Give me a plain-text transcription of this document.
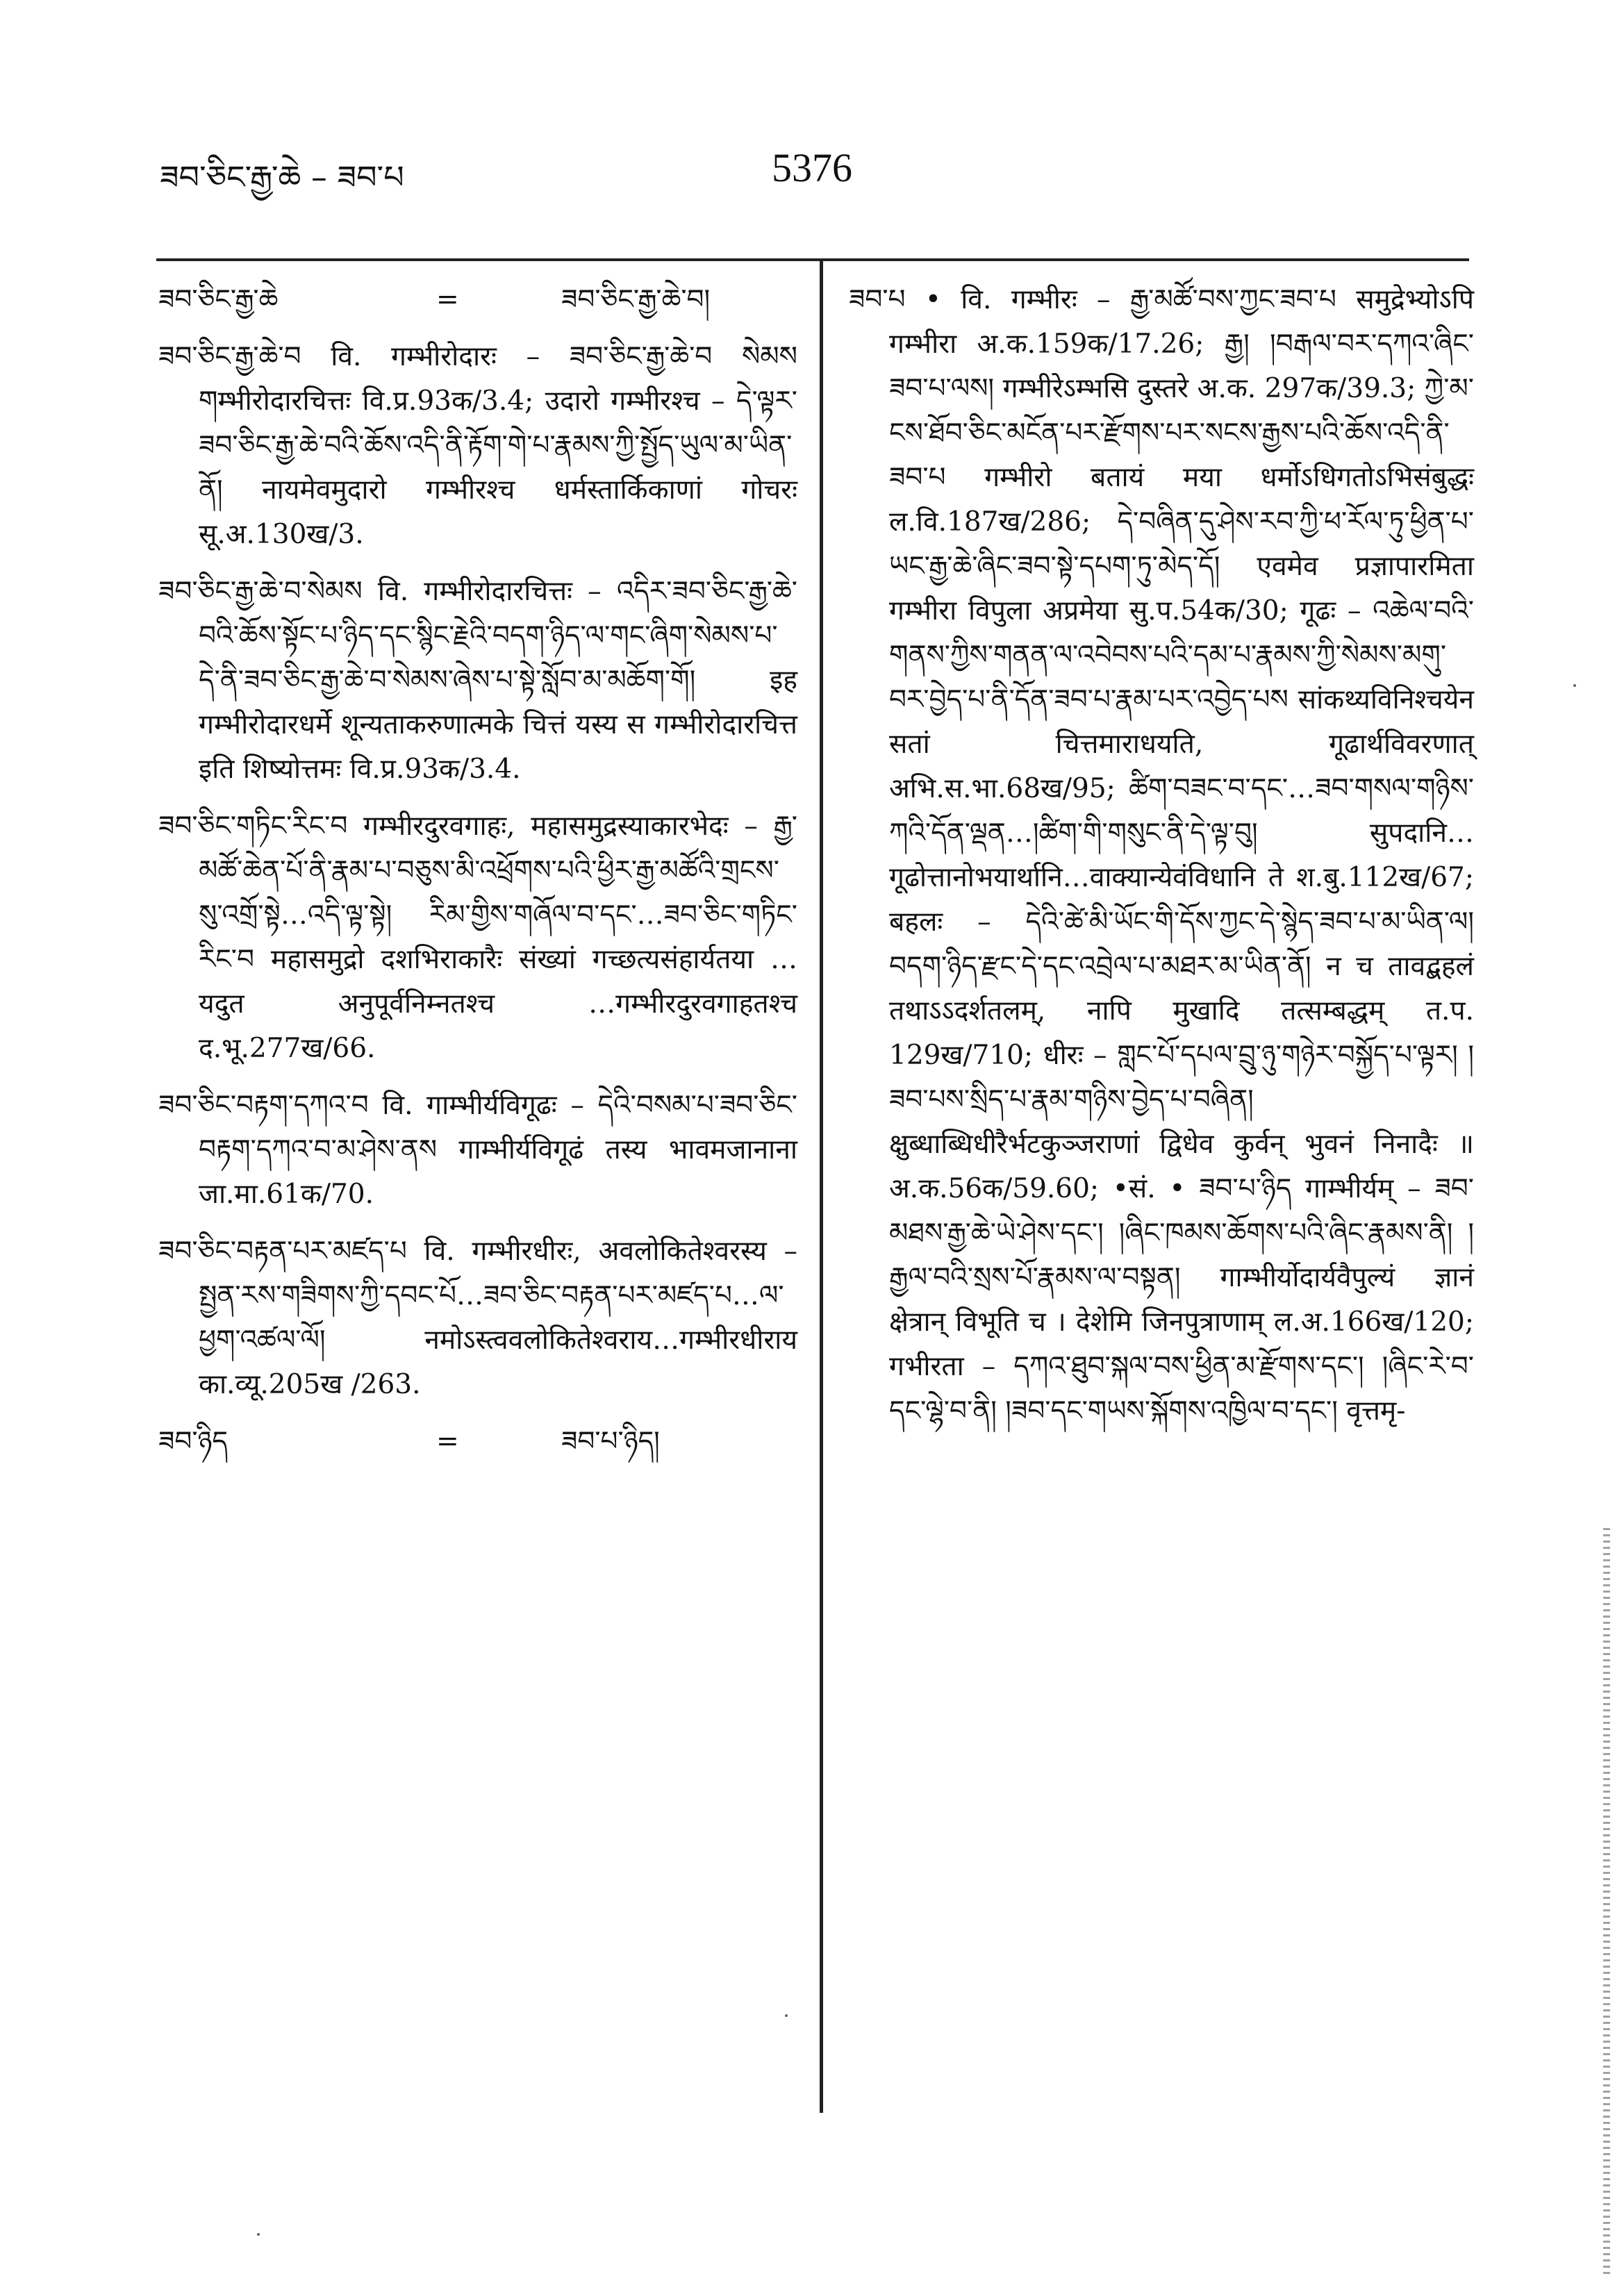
ཟབ་ཅིང་རྒྱ་ཆེ – ཟབ་པ	5376
ཟབ་ཅིང་རྒྱ་ཆེ	=	ཟབ་ཅིང་རྒྱ་ཆེ་བ།

ཟབ་ཅིང་རྒྱ་ཆེ་བ वि. गम्भीरोदारः – ཟབ་ཅིང་རྒྱ་ཆེ་བ སེམས གम्भीरोदारचित्तः वि.प्र.93क/3.4; उदारो गम्भीरश्च – དེ་ལྟར་ཟབ་ཅིང་རྒྱ་ཆེ་བའི་ཆོས་འདི་ནི་རྟོག་གེ་པ་རྣམས་ཀྱི་སྤྱོད་ཡུལ་མ་ཡིན་ནོ། नायमेवमुदारो गम्भीरश्च धर्मस्तार्किकाणां गोचरः सू.अ.130ख/3.

ཟབ་ཅིང་རྒྱ་ཆེ་བ་སེམས वि. गम्भीरोदारचित्तः – འདིར་ཟབ་ཅིང་རྒྱ་ཆེ་བའི་ཆོས་སྟོང་པ་ཉིད་དང་སྙིང་རྗེའི་བདག་ཉིད་ལ་གང་ཞིག་སེམས་པ་དེ་ནི་ཟབ་ཅིང་རྒྱ་ཆེ་བ་སེམས་ཞེས་པ་སྟེ་སློབ་མ་མཆོག་གོ། इह गम्भीरोदारधर्मे शून्यताकरुणात्मके चित्तं यस्य स गम्भीरोदारचित्त इति शिष्योत्तमः वि.प्र.93क/3.4.

ཟབ་ཅིང་གཏིང་རིང་བ गम्भीरदुरवगाहः, महासमुद्रस्याकारभेदः – རྒྱ་མཚོ་ཆེན་པོ་ནི་རྣམ་པ་བཅུས་མི་འཕྲོགས་པའི་ཕྱིར་རྒྱ་མཚོའི་གྲངས་སུ་འགྲོ་སྟེ…འདི་ལྟ་སྟེ། རིམ་གྱིས་གཞོལ་བ་དང་…ཟབ་ཅིང་གཏིང་རིང་བ महासमुद्रो दशभिराकारैः संख्यां गच्छत्यसंहार्यतया …यदुत अनुपूर्वनिम्नतश्च …गम्भीरदुरवगाहतश्च द.भू.277ख/66.

ཟབ་ཅིང་བརྟག་དཀའ་བ वि. गाम्भीर्यविगूढः – དེའི་བསམ་པ་ཟབ་ཅིང་བརྟག་དཀའ་བ་མ་ཤེས་ནས गाम्भीर्यविगूढं तस्य भावमजानाना जा.मा.61क/70.

ཟབ་ཅིང་བརྟན་པར་མཛད་པ वि. गम्भीरधीरः, अवलोकितेश्वरस्य – སྤྱན་རས་གཟིགས་ཀྱི་དབང་པོ…ཟབ་ཅིང་བརྟན་པར་མཛད་པ…ལ་ཕྱག་འཚལ་ལོ། नमोऽस्त्ववलोकितेश्वराय…गम्भीरधीराय का.व्यू.205ख /263.

ཟབ་ཉིད	=	ཟབ་པ་ཉིད།

ཟབ་པ • वि. गम्भीरः – རྒྱ་མཚོ་བས་ཀྱང་ཟབ་པ समुद्रेभ्योऽपि गम्भीरा अ.क.159क/17.26; རྒྱ། །བརྒལ་བར་དཀའ་ཞིང་ཟབ་པ་ལས། गम्भीरेऽम्भसि दुस्तरे अ.क. 297क/39.3; ཀྱེ་མ་ངས་ཐོབ་ཅིང་མངོན་པར་རྫོགས་པར་སངས་རྒྱས་པའི་ཆོས་འདི་ནི་ཟབ་པ गम्भीरो बतायं मया धर्मोऽधिगतोऽभिसंबुद्धः ल.वि.187ख/286; དེ་བཞིན་དུ་ཤེས་རབ་ཀྱི་ཕ་རོལ་ཏུ་ཕྱིན་པ་ཡང་རྒྱ་ཆེ་ཞིང་ཟབ་སྟེ་དཔག་ཏུ་མེད་དོ། एवमेव प्रज्ञापारमिता गम्भीरा विपुला अप्रमेया सु.प.54क/30; गूढः – འཆེལ་བའི་གནས་ཀྱིས་གནན་ལ་འབེབས་པའི་དམ་པ་རྣམས་ཀྱི་སེམས་མགུ་བར་བྱེད་པ་ནི་དོན་ཟབ་པ་རྣམ་པར་འབྱེད་པས सांकथ्यविनिश्चयेन सतां चित्तमाराधयति, गूढार्थविवरणात् अभि.स.भा.68ख/95; ཚིག་བཟང་བ་དང་…ཟབ་གསལ་གཉིས་ཀའི་དོན་ལྡན…།ཚིག་གི་གསུང་ནི་དེ་ལྟ་བུ། सुपदानि…गूढोत्तानोभयार्थानि…वाक्यान्येवंविधानि ते श.बु.112ख/67; बहलः – དེའི་ཚེ་མི་ཡོང་གི་དོས་ཀྱང་དེ་སྙེད་ཟབ་པ་མ་ཡིན་ལ། བདག་ཉིད་རྫང་དེ་དང་འབྲེལ་པ་མཐར་མ་ཡིན་ནོ། न च तावद्बहलं तथाऽऽदर्शतलम्, नापि मुखादि तत्सम्बद्धम् त.प. 129ख/710; धीरः – གླང་པོ་དཔལ་བྲུ་ཉུ་གཉེར་བསྐྱོད་པ་ལྟར། །ཟབ་པས་སྲིད་པ་རྣམ་གཉིས་བྱེད་པ་བཞིན། क्षुब्धाब्धिधीरैर्भटकुञ्जराणां द्विधेव कुर्वन् भुवनं निनादैः ॥ अ.क.56क/59.60; •सं. • ཟབ་པ་ཉིད गाम्भीर्यम् – ཟབ་མཐས་རྒྱ་ཆེ་ཡེ་ཤེས་དང་། །ཞིང་ཁམས་ཆོགས་པའི་ཞིང་རྣམས་ནི། །རྒྱལ་བའི་སྲས་པོ་རྣམས་ལ་བསྟན། गाम्भीर्योदार्यवैपुल्यं ज्ञानं क्षेत्रान् विभूति च । देशेमि जिनपुत्राणाम् ल.अ.166ख/120; गभीरता – དཀའ་ཐུབ་སྐལ་བས་ཕྱིན་མ་རྫོགས་དང་། །ཞིང་རེ་བ་དང་ལྷེ་བ་ནི། །ཟབ་དང་གཡས་སྐོགས་འཁྱིལ་བ་དང་། वृत्तमृ-
